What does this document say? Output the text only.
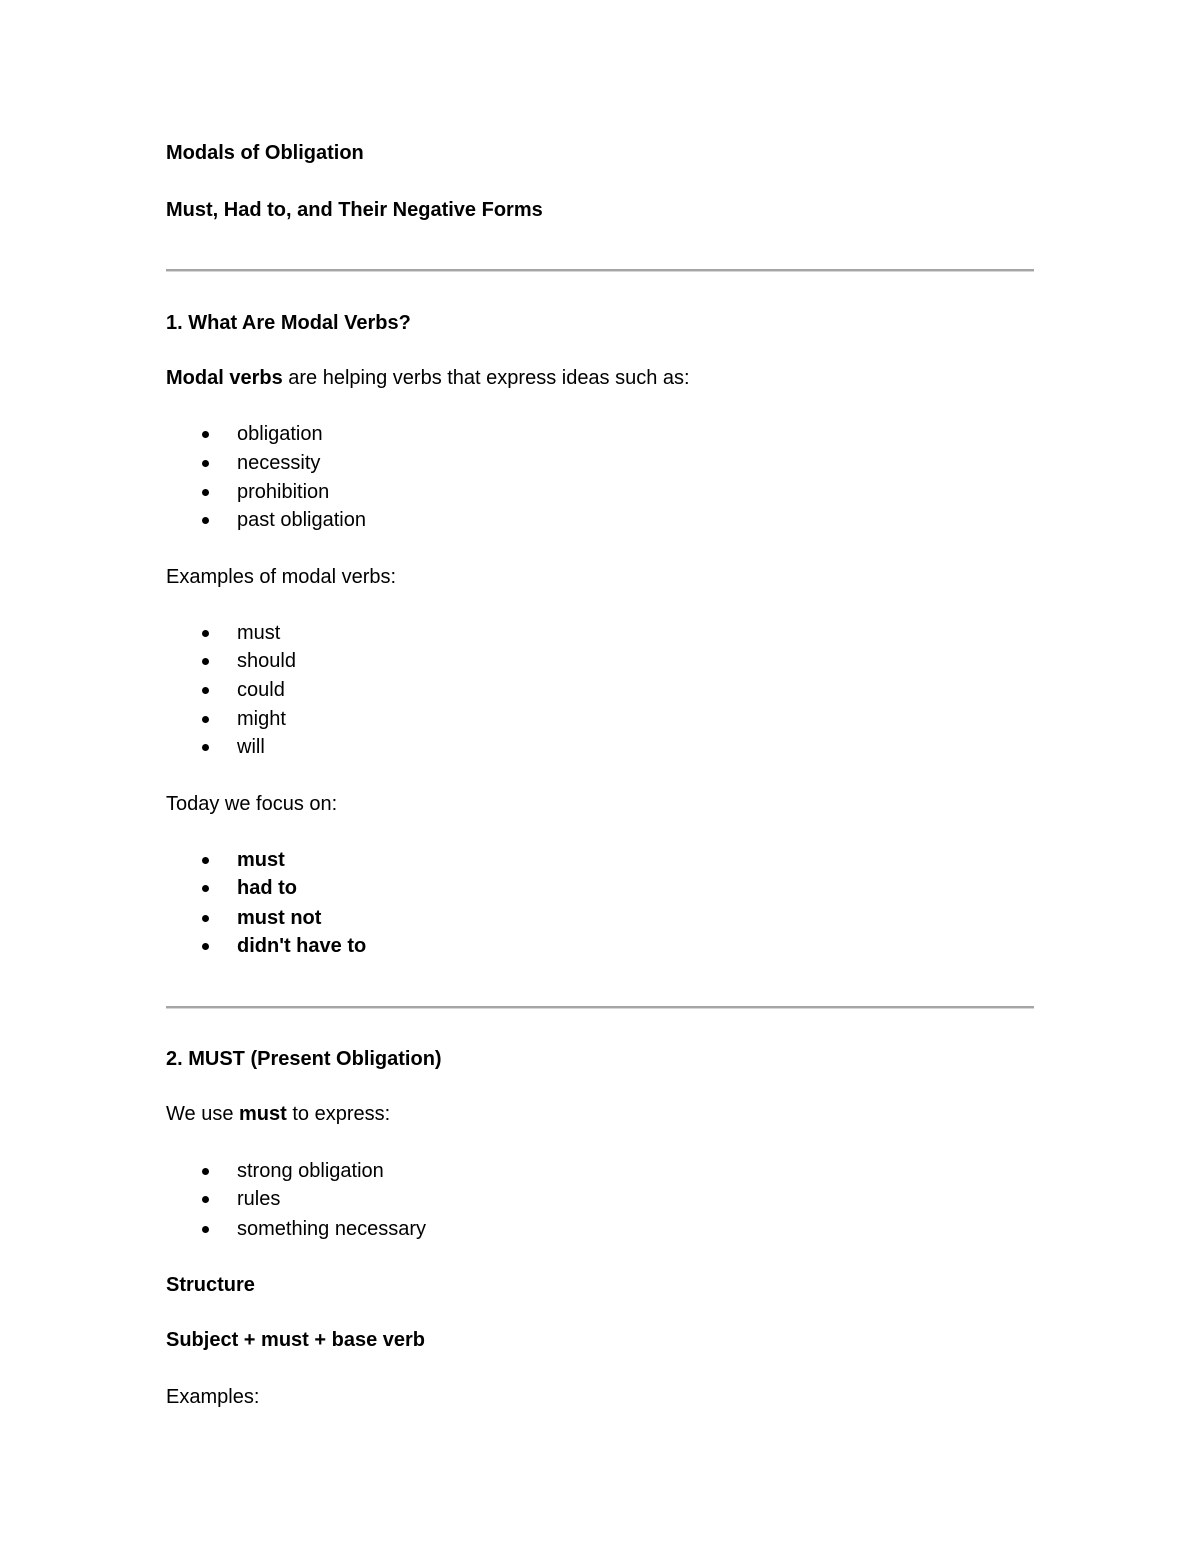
Modals of Obligation

Must, Had to, and Their Negative Forms

1. What Are Modal Verbs?

Modal verbs are helping verbs that express ideas such as:

obligation
necessity
prohibition
past obligation

Examples of modal verbs:

must
should
could
might
will

Today we focus on:

must
had to
must not
didn't have to

2. MUST (Present Obligation)

We use must to express:

strong obligation
rules
something necessary

Structure

Subject + must + base verb

Examples:
